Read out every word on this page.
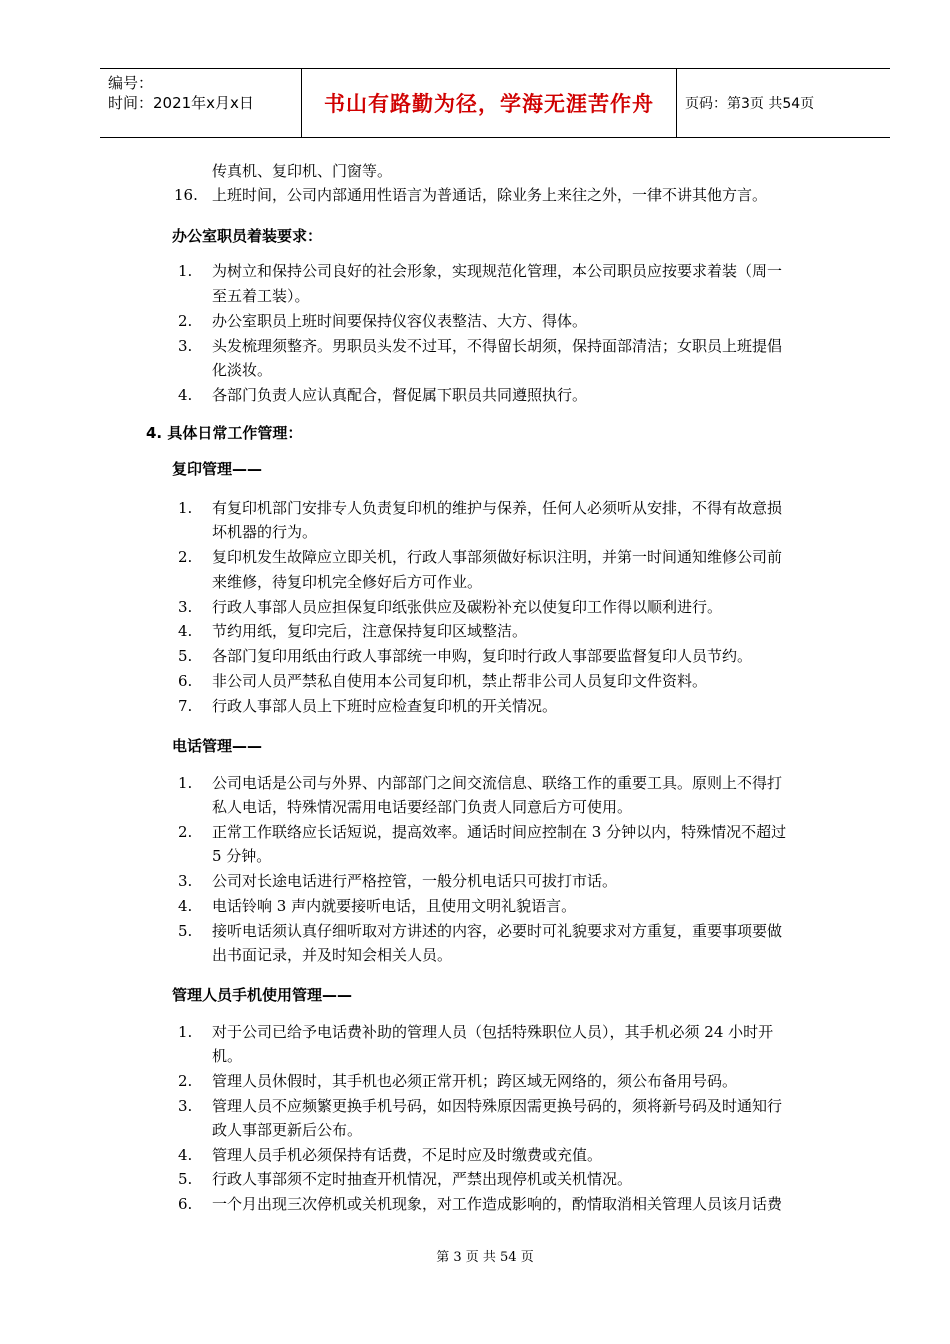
编号：
时间：2021年x月x日	书山有路勤为径，学海无涯苦作舟 页码：第3页 共54页
传真机、复印机、门窗等。
16. 上班时间，公司内部通用性语言为普通话，除业务上来往之外，一律不讲其他方言。
办公室职员着装要求：
1. 为树立和保持公司良好的社会形象，实现规范化管理，本公司职员应按要求着装（周一
至五着工装）。
2. 办公室职员上班时间要保持仪容仪表整洁、大方、得体。
3. 头发梳理须整齐。男职员头发不过耳，不得留长胡须，保持面部清洁；女职员上班提倡
化淡妆。
4. 各部门负责人应认真配合，督促属下职员共同遵照执行。
4. 具体日常工作管理：
复印管理——
1. 有复印机部门安排专人负责复印机的维护与保养，任何人必须听从安排，不得有故意损
坏机器的行为。
2. 复印机发生故障应立即关机，行政人事部须做好标识注明，并第一时间通知维修公司前
来维修，待复印机完全修好后方可作业。
3. 行政人事部人员应担保复印纸张供应及碳粉补充以使复印工作得以顺利进行。
4. 节约用纸，复印完后，注意保持复印区域整洁。
5. 各部门复印用纸由行政人事部统一申购，复印时行政人事部要监督复印人员节约。
6. 非公司人员严禁私自使用本公司复印机，禁止帮非公司人员复印文件资料。
7. 行政人事部人员上下班时应检查复印机的开关情况。
电话管理——
1. 公司电话是公司与外界、内部部门之间交流信息、联络工作的重要工具。原则上不得打
私人电话，特殊情况需用电话要经部门负责人同意后方可使用。
2. 正常工作联络应长话短说，提高效率。通话时间应控制在 3 分钟以内，特殊情况不超过
5 分钟。
3. 公司对长途电话进行严格控管，一般分机电话只可拔打市话。
4. 电话铃响 3 声内就要接听电话，且使用文明礼貌语言。
5. 接听电话须认真仔细听取对方讲述的内容，必要时可礼貌要求对方重复，重要事项要做
出书面记录，并及时知会相关人员。
管理人员手机使用管理——
1. 对于公司已给予电话费补助的管理人员（包括特殊职位人员），其手机必须 24 小时开
机。
2. 管理人员休假时，其手机也必须正常开机；跨区域无网络的，须公布备用号码。
3. 管理人员不应频繁更换手机号码，如因特殊原因需更换号码的，须将新号码及时通知行
政人事部更新后公布。
4. 管理人员手机必须保持有话费，不足时应及时缴费或充值。
5. 行政人事部须不定时抽查开机情况，严禁出现停机或关机情况。
6. 一个月出现三次停机或关机现象，对工作造成影响的，酌情取消相关管理人员该月话费
第 3 页 共 54 页
